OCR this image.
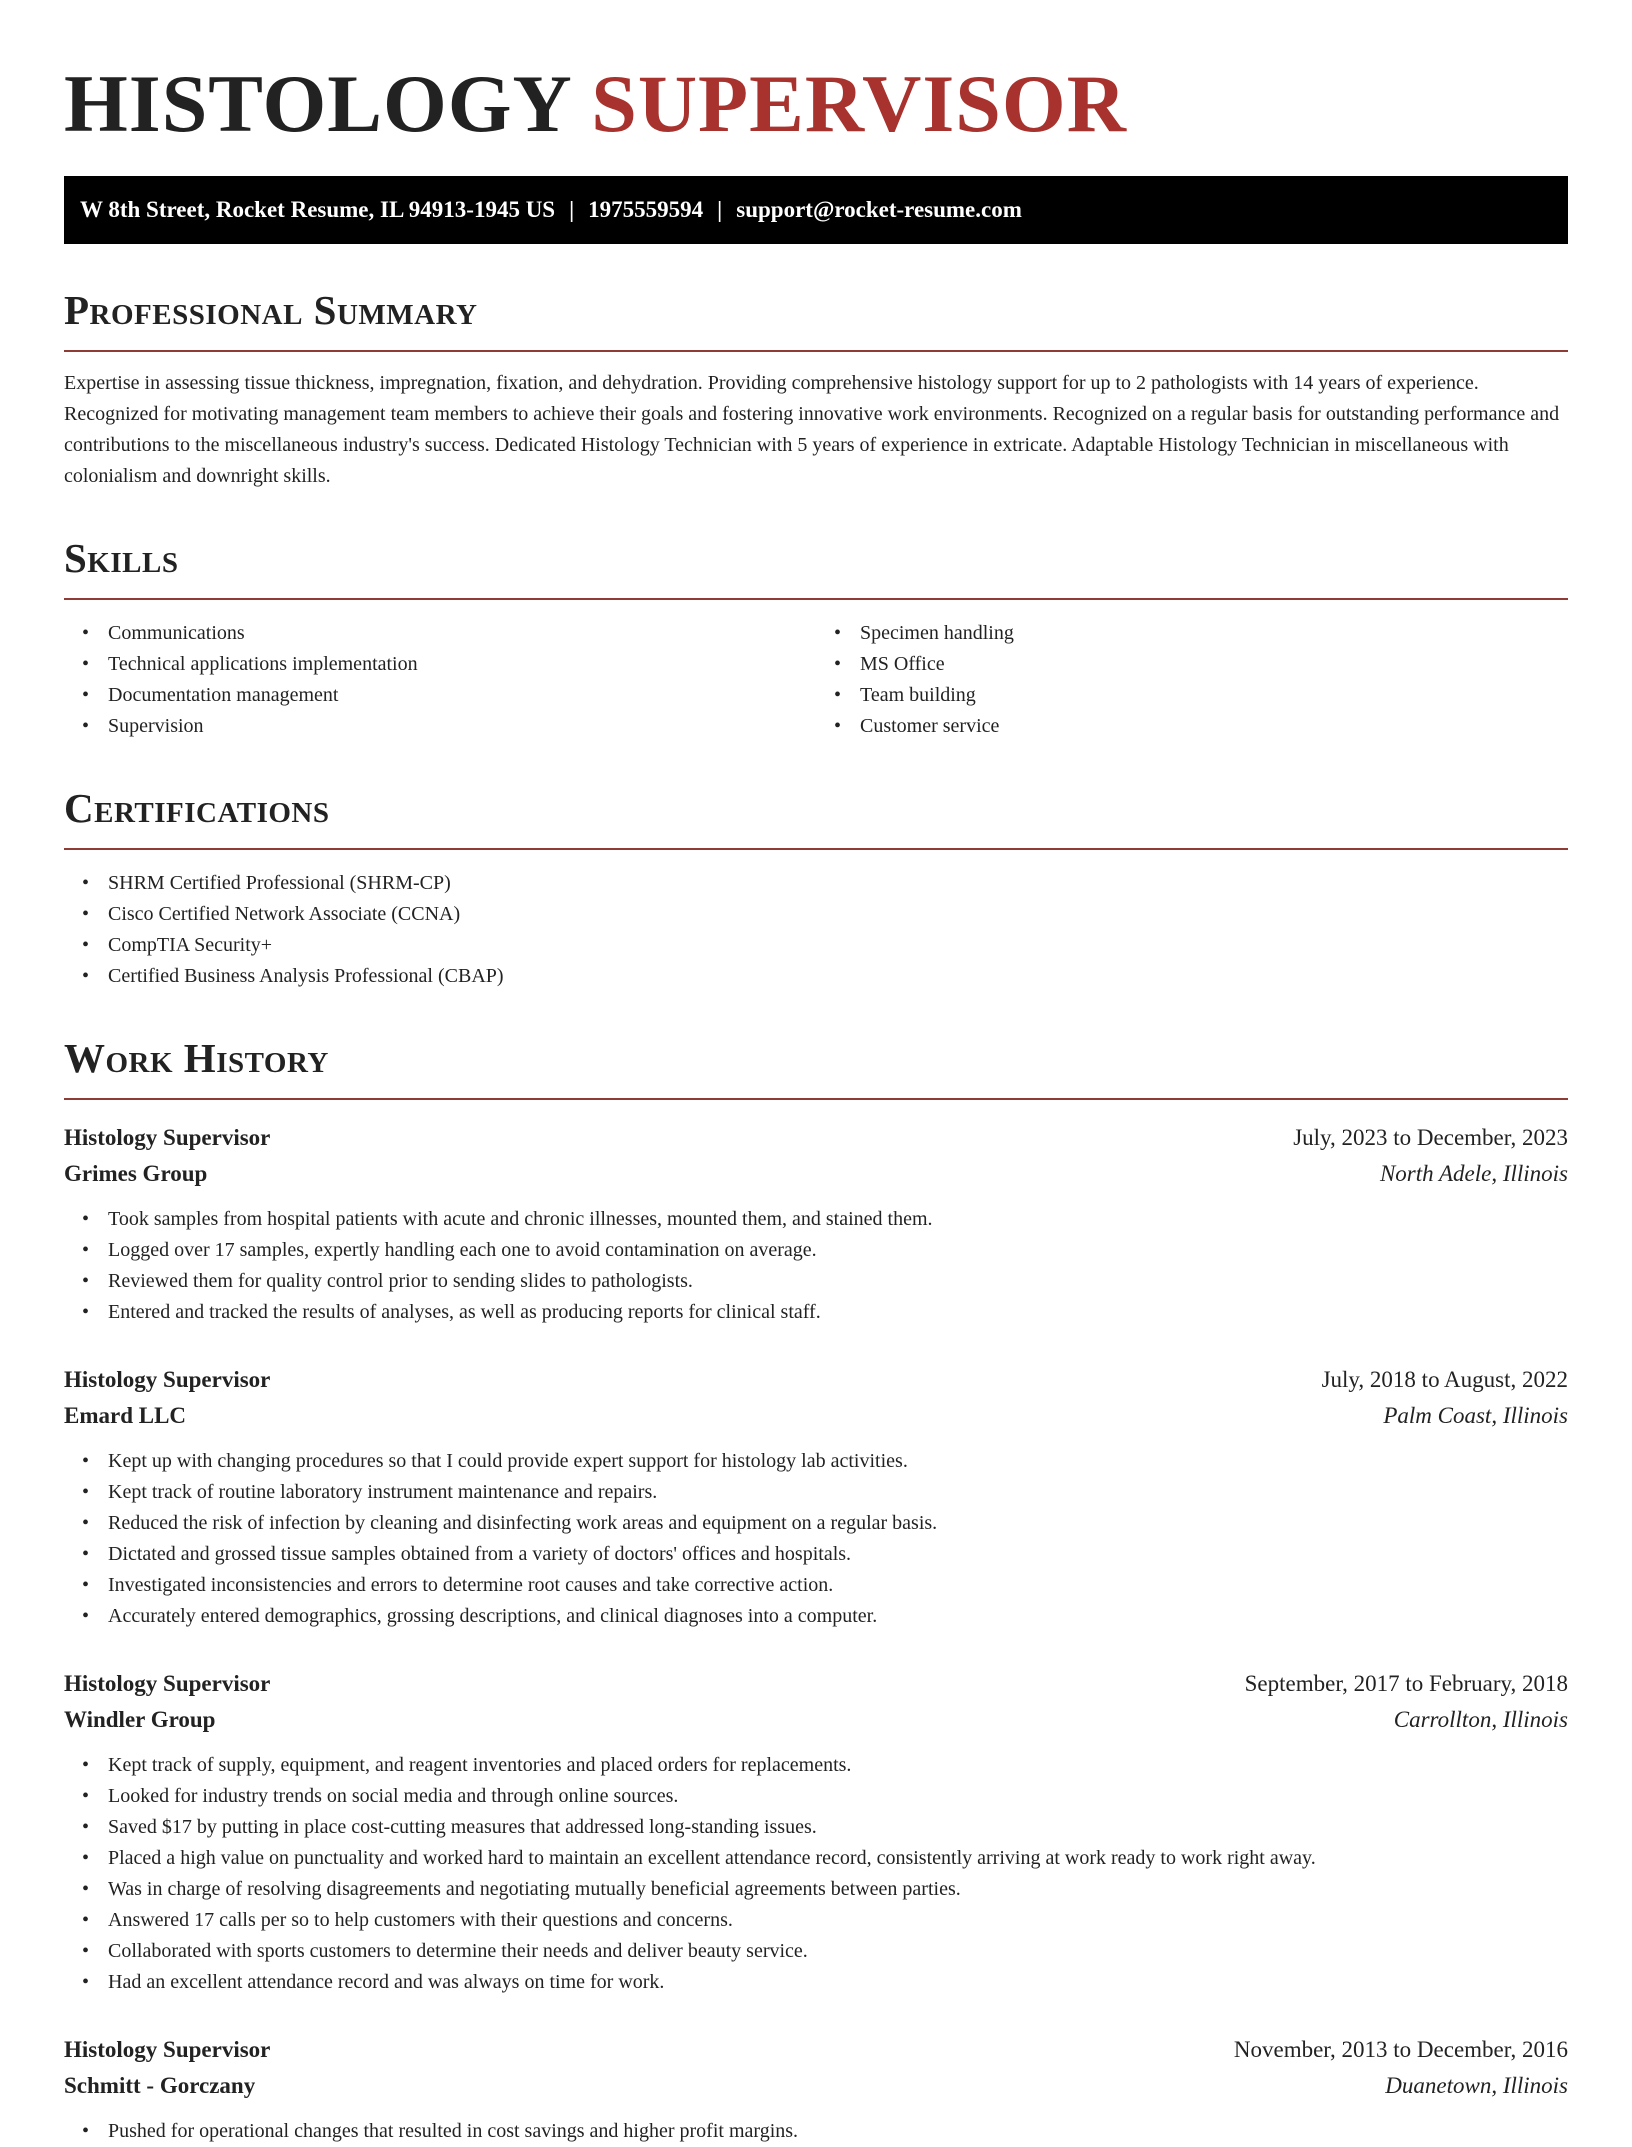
HISTOLOGY SUPERVISOR
W 8th Street, Rocket Resume, IL 94913-1945 US | 1975559594 | support@rocket-resume.com
Professional Summary

Expertise in assessing tissue thickness, impregnation, fixation, and dehydration. Providing comprehensive histology support for up to 2 pathologists with 14 years of experience. Recognized for motivating management team members to achieve their goals and fostering innovative work environments. Recognized on a regular basis for outstanding performance and contributions to the miscellaneous industry's success. Dedicated Histology Technician with 5 years of experience in extricate. Adaptable Histology Technician in miscellaneous with colonialism and downright skills.

Skills
• Communications
• Technical applications implementation
• Documentation management
• Supervision
• Specimen handling
• MS Office
• Team building
• Customer service
Certifications
• SHRM Certified Professional (SHRM-CP)
• Cisco Certified Network Associate (CCNA)
• CompTIA Security+
• Certified Business Analysis Professional (CBAP)
Work History
Histology Supervisor	July, 2023 to December, 2023
Grimes Group	North Adele, Illinois
• Took samples from hospital patients with acute and chronic illnesses, mounted them, and stained them.
• Logged over 17 samples, expertly handling each one to avoid contamination on average.
• Reviewed them for quality control prior to sending slides to pathologists.
• Entered and tracked the results of analyses, as well as producing reports for clinical staff.
Histology Supervisor	July, 2018 to August, 2022
Emard LLC	Palm Coast, Illinois
• Kept up with changing procedures so that I could provide expert support for histology lab activities.
• Kept track of routine laboratory instrument maintenance and repairs.
• Reduced the risk of infection by cleaning and disinfecting work areas and equipment on a regular basis.
• Dictated and grossed tissue samples obtained from a variety of doctors' offices and hospitals.
• Investigated inconsistencies and errors to determine root causes and take corrective action.
• Accurately entered demographics, grossing descriptions, and clinical diagnoses into a computer.
Histology Supervisor	September, 2017 to February, 2018
Windler Group	Carrollton, Illinois
• Kept track of supply, equipment, and reagent inventories and placed orders for replacements.
• Looked for industry trends on social media and through online sources.
• Saved $17 by putting in place cost-cutting measures that addressed long-standing issues.
• Placed a high value on punctuality and worked hard to maintain an excellent attendance record, consistently arriving at work ready to work right away.
• Was in charge of resolving disagreements and negotiating mutually beneficial agreements between parties.
• Answered 17 calls per so to help customers with their questions and concerns.
• Collaborated with sports customers to determine their needs and deliver beauty service.
• Had an excellent attendance record and was always on time for work.
Histology Supervisor	November, 2013 to December, 2016
Schmitt - Gorczany	Duanetown, Illinois
• Pushed for operational changes that resulted in cost savings and higher profit margins.
